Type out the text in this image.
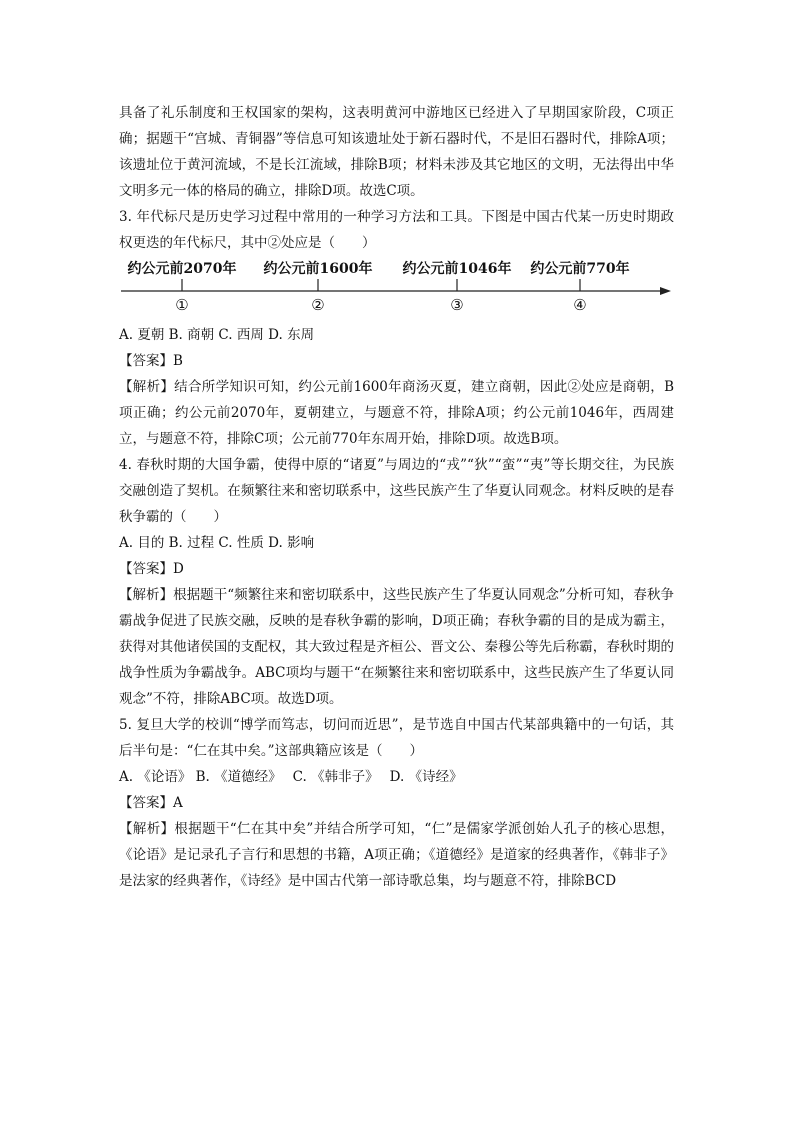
具备了礼乐制度和王权国家的架构，这表明黄河中游地区已经进入了早期国家阶段，C项正确；据题干“宫城、青铜器”等信息可知该遗址处于新石器时代，不是旧石器时代，排除A项；该遗址位于黄河流域，不是长江流域，排除B项；材料未涉及其它地区的文明，无法得出中华文明多元一体的格局的确立，排除D项。故选C项。

3. 年代标尺是历史学习过程中常用的一种学习方法和工具。下图是中国古代某一历史时期政权更迭的年代标尺，其中②处应是（　　）

约公元前2070年 约公元前1600年 约公元前1046年 约公元前770年
①	②	③	④

A. 夏朝 B. 商朝 C. 西周 D. 东周

【答案】B

【解析】结合所学知识可知，约公元前1600年商汤灭夏，建立商朝，因此②处应是商朝，B项正确；约公元前2070年，夏朝建立，与题意不符，排除A项；约公元前1046年，西周建立，与题意不符，排除C项；公元前770年东周开始，排除D项。故选B项。

4. 春秋时期的大国争霸，使得中原的“诸夏”与周边的“戎”“狄”“蛮”“夷”等长期交往，为民族交融创造了契机。在频繁往来和密切联系中，这些民族产生了华夏认同观念。材料反映的是春秋争霸的（　　）

A. 目的 B. 过程 C. 性质 D. 影响

【答案】D

【解析】根据题干“频繁往来和密切联系中，这些民族产生了华夏认同观念”分析可知，春秋争霸战争促进了民族交融，反映的是春秋争霸的影响，D项正确；春秋争霸的目的是成为霸主，获得对其他诸侯国的支配权，其大致过程是齐桓公、晋文公、秦穆公等先后称霸，春秋时期的战争性质为争霸战争。ABC项均与题干“在频繁往来和密切联系中，这些民族产生了华夏认同观念”不符，排除ABC项。故选D项。

5. 复旦大学的校训“博学而笃志，切问而近思”，是节选自中国古代某部典籍中的一句话，其后半句是：“仁在其中矣。”这部典籍应该是（　　）

A. 《论语》 B. 《道德经》　 C. 《韩非子》　 D. 《诗经》

【答案】A

【解析】根据题干“仁在其中矣”并结合所学可知，“仁”是儒家学派创始人孔子的核心思想，《论语》是记录孔子言行和思想的书籍，A项正确；《道德经》是道家的经典著作，《韩非子》是法家的经典著作，《诗经》是中国古代第一部诗歌总集，均与题意不符，排除BCD
